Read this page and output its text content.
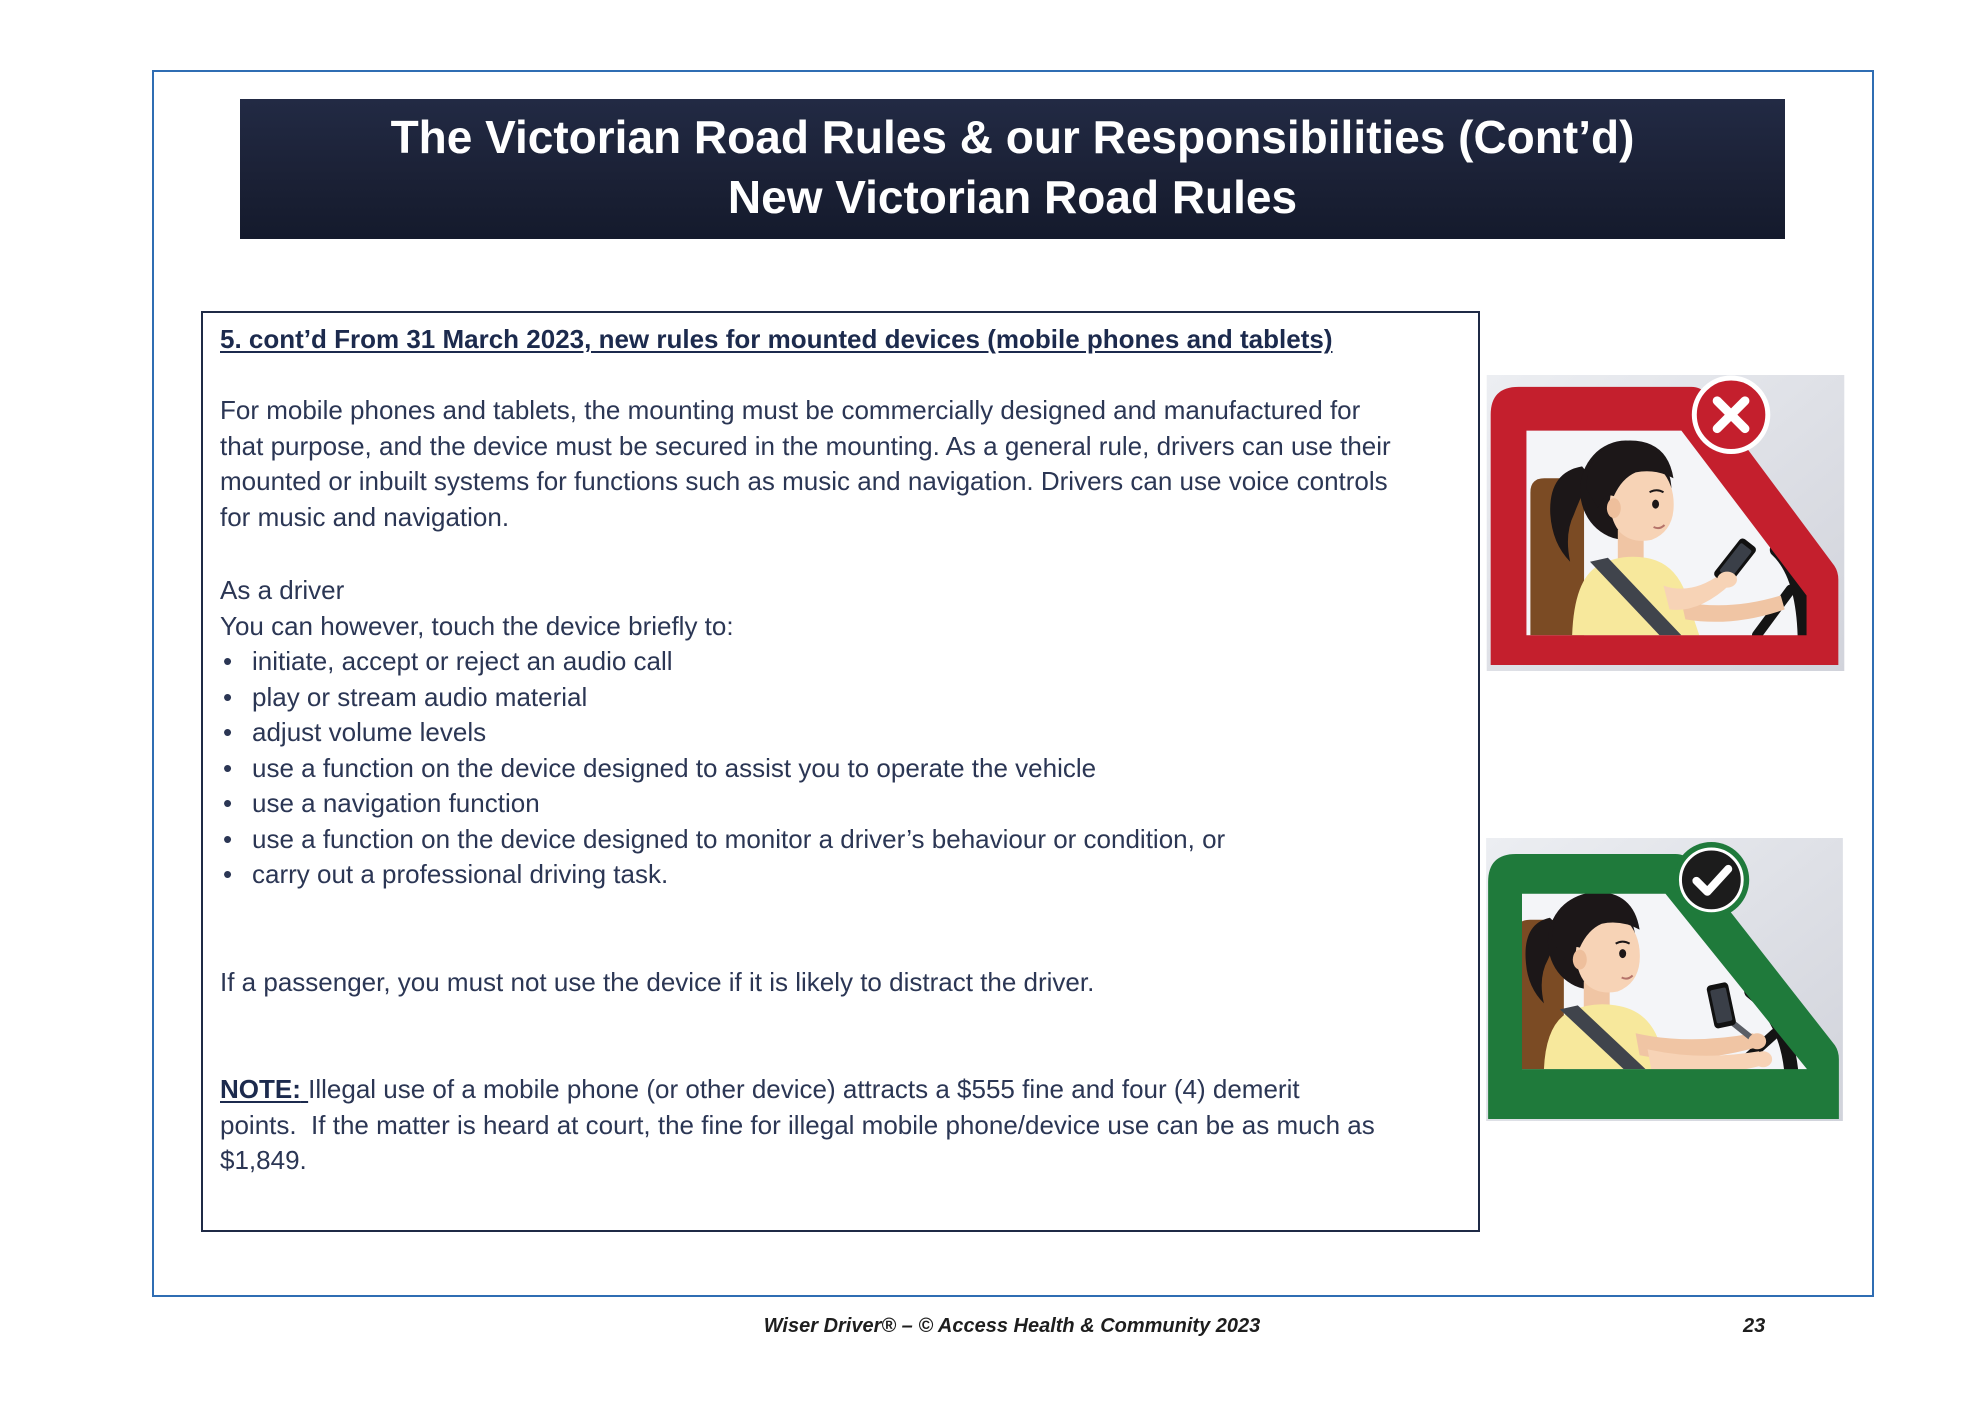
The Victorian Road Rules & our Responsibilities (Cont’d)
New Victorian Road Rules
5. cont’d From 31 March 2023, new rules for mounted devices (mobile phones and tablets)
For mobile phones and tablets, the mounting must be commercially designed and manufactured for
that purpose, and the device must be secured in the mounting. As a general rule, drivers can use their
mounted or inbuilt systems for functions such as music and navigation. Drivers can use voice controls
for music and navigation.
As a driver
You can however, touch the device briefly to:
• initiate, accept or reject an audio call
• play or stream audio material
• adjust volume levels
• use a function on the device designed to assist you to operate the vehicle
• use a navigation function
• use a function on the device designed to monitor a driver’s behaviour or condition, or
• carry out a professional driving task.
If a passenger, you must not use the device if it is likely to distract the driver.
NOTE: Illegal use of a mobile phone (or other device) attracts a $555 fine and four (4) demerit
points.  If the matter is heard at court, the fine for illegal mobile phone/device use can be as much as
$1,849.
Wiser Driver® – © Access Health & Community 2023	23
